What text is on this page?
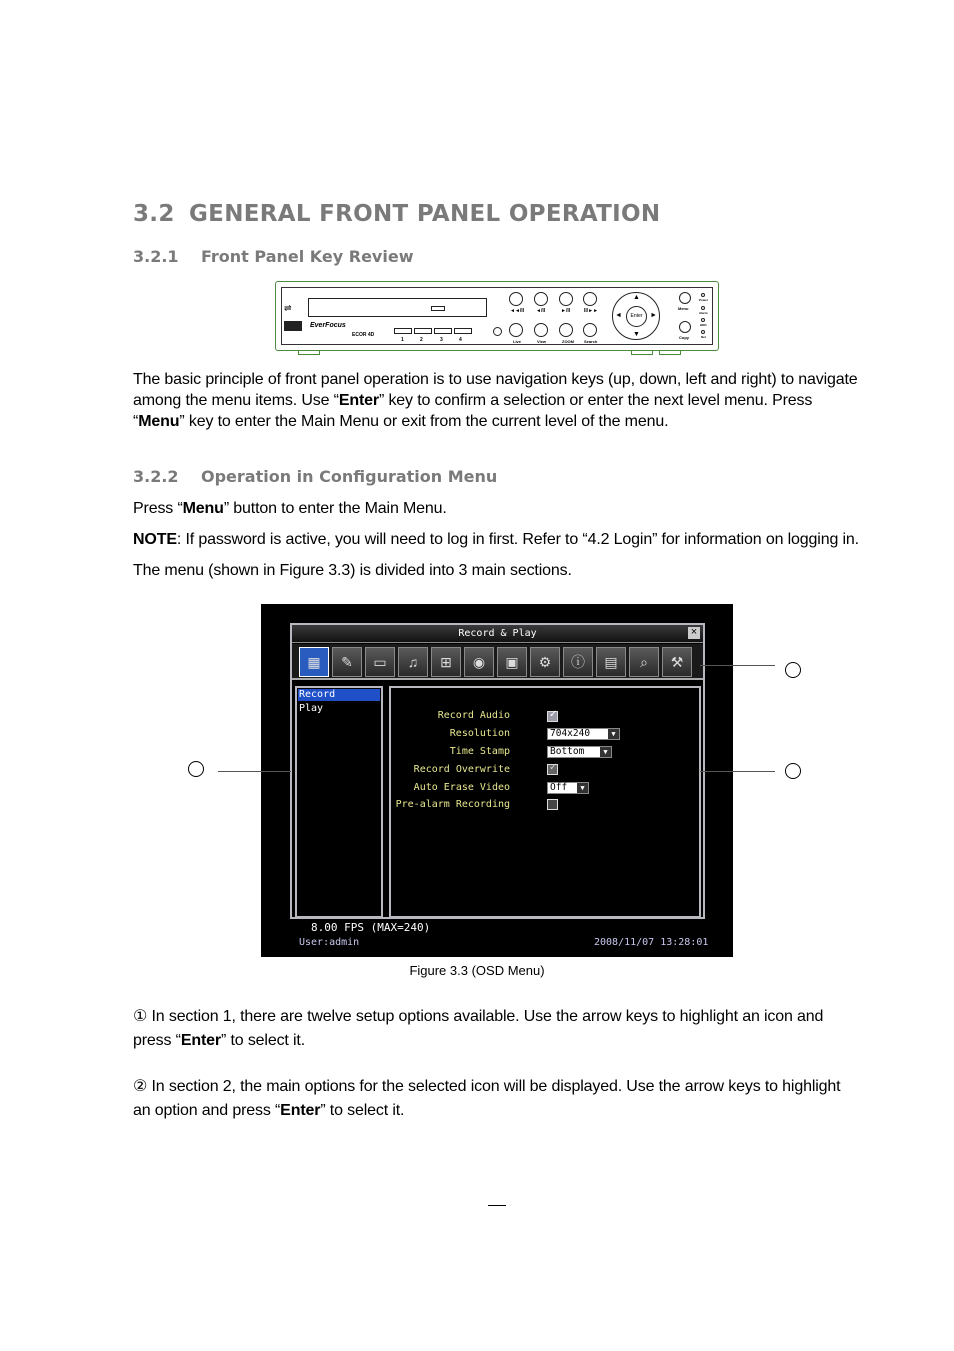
3.2 GENERAL FRONT PANEL OPERATION
3.2.1 Front Panel Key Review
⇌
EverFocus
ECOR 4D
1	2	3	4
◄◄/II ◄/II	►/II	II/►►
Live	View	ZOOM	Search
▲
▼
◄	►
Enter
Menu
Copy
Power
Alarm
HDD
Net
The basic principle of front panel operation is to use navigation keys (up, down, left and right) to navigate among the menu items. Use “Enter” key to confirm a selection or enter the next level menu. Press “Menu” key to enter the Main Menu or exit from the current level of the menu.
3.2.2 Operation in Configuration Menu
Press “Menu” button to enter the Main Menu.
NOTE: If password is active, you will need to log in first. Refer to “4.2 Login” for information on logging in.
The menu (shown in Figure 3.3) is divided into 3 main sections.
Record & Play	×
▦	✎	▭	♫	⊞	◉	▣	⚙	ⓘ	▤	⌕	⚒
Record
Play
Record Audio	✓
Resolution	704x240	▼
Time Stamp	Bottom	▼
Record Overwrite	✓
Auto Erase Video	Off	▼
Pre-alarm Recording
8.00 FPS (MAX=240)
User:admin	2008/11/07 13:28:01
Figure 3.3 (OSD Menu)
① In section 1, there are twelve setup options available. Use the arrow keys to highlight an icon and press “Enter” to select it.
② In section 2, the main options for the selected icon will be displayed. Use the arrow keys to highlight an option and press “Enter” to select it.
